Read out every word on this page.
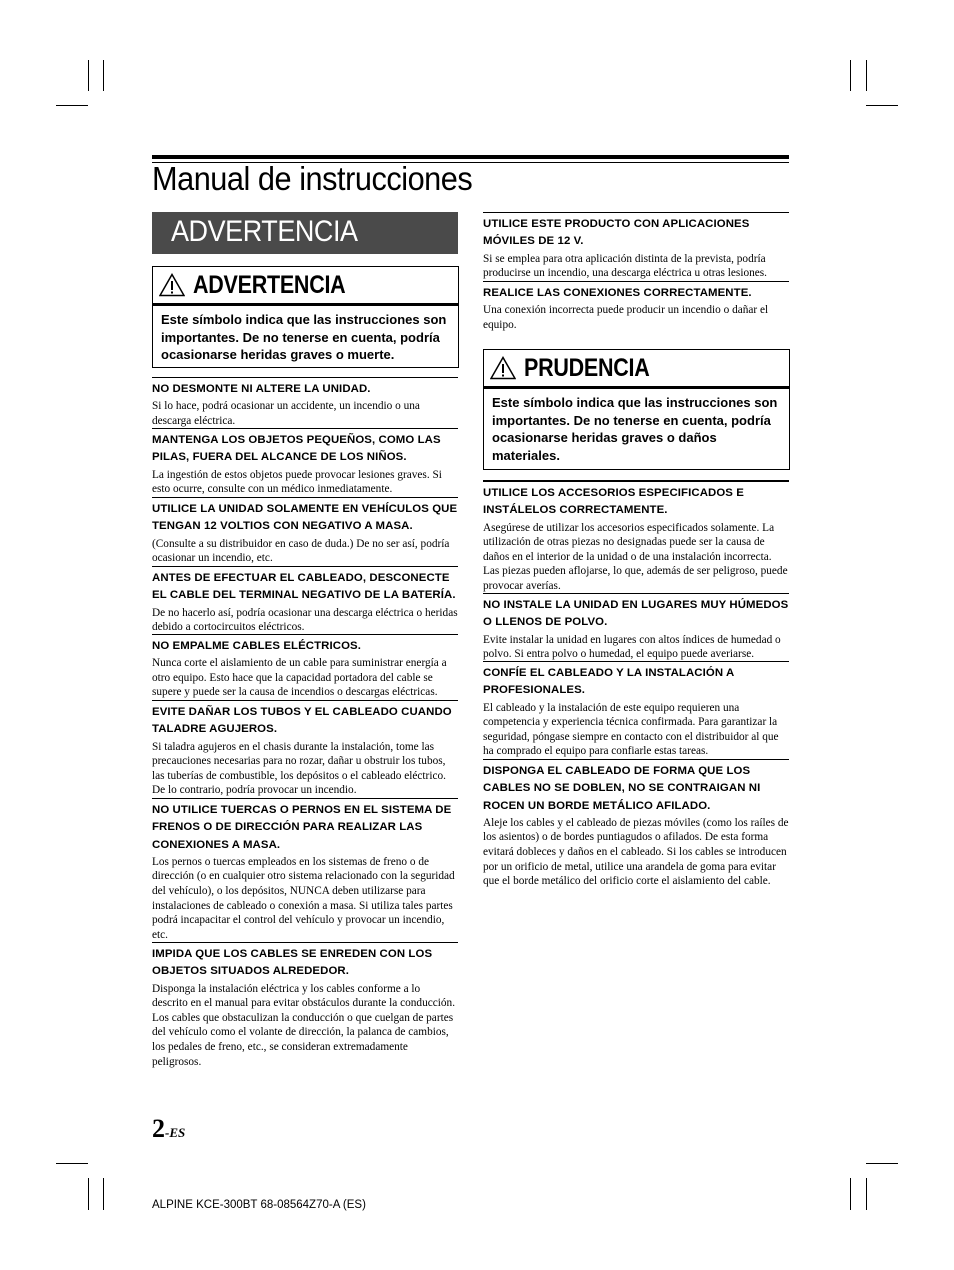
Manual de instrucciones
ADVERTENCIA
ADVERTENCIA
Este símbolo indica que las instrucciones son importantes. De no tenerse en cuenta, podría ocasionarse heridas graves o muerte.	PRUDENCIA
Este símbolo indica que las instrucciones son importantes. De no tenerse en cuenta, podría ocasionarse heridas graves o daños materiales.
NO DESMONTE NI ALTERE LA UNIDAD.
Si lo hace, podrá ocasionar un accidente, un incendio o una descarga eléctrica.
MANTENGA LOS OBJETOS PEQUEÑOS, COMO LAS PILAS, FUERA DEL ALCANCE DE LOS NIÑOS.
La ingestión de estos objetos puede provocar lesiones graves. Si esto ocurre, consulte con un médico inmediatamente.
UTILICE LA UNIDAD SOLAMENTE EN VEHÍCULOS QUE TENGAN 12 VOLTIOS CON NEGATIVO A MASA.
(Consulte a su distribuidor en caso de duda.) De no ser así, podría ocasionar un incendio, etc.
ANTES DE EFECTUAR EL CABLEADO, DESCONECTE EL CABLE DEL TERMINAL NEGATIVO DE LA BATERÍA.
De no hacerlo así, podría ocasionar una descarga eléctrica o heridas debido a cortocircuitos eléctricos.
NO EMPALME CABLES ELÉCTRICOS.
Nunca corte el aislamiento de un cable para suministrar energía a otro equipo. Esto hace que la capacidad portadora del cable se supere y puede ser la causa de incendios o descargas eléctricas.
EVITE DAÑAR LOS TUBOS Y EL CABLEADO CUANDO TALADRE AGUJEROS.
Si taladra agujeros en el chasis durante la instalación, tome las precauciones necesarias para no rozar, dañar u obstruir los tubos, las tuberías de combustible, los depósitos o el cableado eléctrico. De lo contrario, podría provocar un incendio.
NO UTILICE TUERCAS O PERNOS EN EL SISTEMA DE FRENOS O DE DIRECCIÓN PARA REALIZAR LAS CONEXIONES A MASA.
Los pernos o tuercas empleados en los sistemas de freno o de dirección (o en cualquier otro sistema relacionado con la seguridad del vehículo), o los depósitos, NUNCA deben utilizarse para instalaciones de cableado o conexión a masa. Si utiliza tales partes podrá incapacitar el control del vehículo y provocar un incendio, etc.
IMPIDA QUE LOS CABLES SE ENREDEN CON LOS OBJETOS SITUADOS ALREDEDOR.
Disponga la instalación eléctrica y los cables conforme a lo descrito en el manual para evitar obstáculos durante la conducción. Los cables que obstaculizan la conducción o que cuelgan de partes del vehículo como el volante de dirección, la palanca de cambios, los pedales de freno, etc., se consideran extremadamente peligrosos.
UTILICE ESTE PRODUCTO CON APLICACIONES MÓVILES DE 12 V.
Si se emplea para otra aplicación distinta de la prevista, podría producirse un incendio, una descarga eléctrica u otras lesiones.
REALICE LAS CONEXIONES CORRECTAMENTE.
Una conexión incorrecta puede producir un incendio o dañar el equipo.
UTILICE LOS ACCESORIOS ESPECIFICADOS E INSTÁLELOS CORRECTAMENTE.
Asegúrese de utilizar los accesorios especificados solamente. La utilización de otras piezas no designadas puede ser la causa de daños en el interior de la unidad o de una instalación incorrecta. Las piezas pueden aflojarse, lo que, además de ser peligroso, puede provocar averías.
NO INSTALE LA UNIDAD EN LUGARES MUY HÚMEDOS O LLENOS DE POLVO.
Evite instalar la unidad en lugares con altos índices de humedad o polvo. Si entra polvo o humedad, el equipo puede averiarse.
CONFÍE EL CABLEADO Y LA INSTALACIÓN A PROFESIONALES.
El cableado y la instalación de este equipo requieren una competencia y experiencia técnica confirmada. Para garantizar la seguridad, póngase siempre en contacto con el distribuidor al que ha comprado el equipo para confiarle estas tareas.
DISPONGA EL CABLEADO DE FORMA QUE LOS CABLES NO SE DOBLEN, NO SE CONTRAIGAN NI ROCEN UN BORDE METÁLICO AFILADO.
Aleje los cables y el cableado de piezas móviles (como los raíles de los asientos) o de bordes puntiagudos o afilados. De esta forma evitará dobleces y daños en el cableado. Si los cables se introducen por un orificio de metal, utilice una arandela de goma para evitar que el borde metálico del orificio corte el aislamiento del cable.
2-ES
ALPINE KCE-300BT 68-08564Z70-A (ES)
